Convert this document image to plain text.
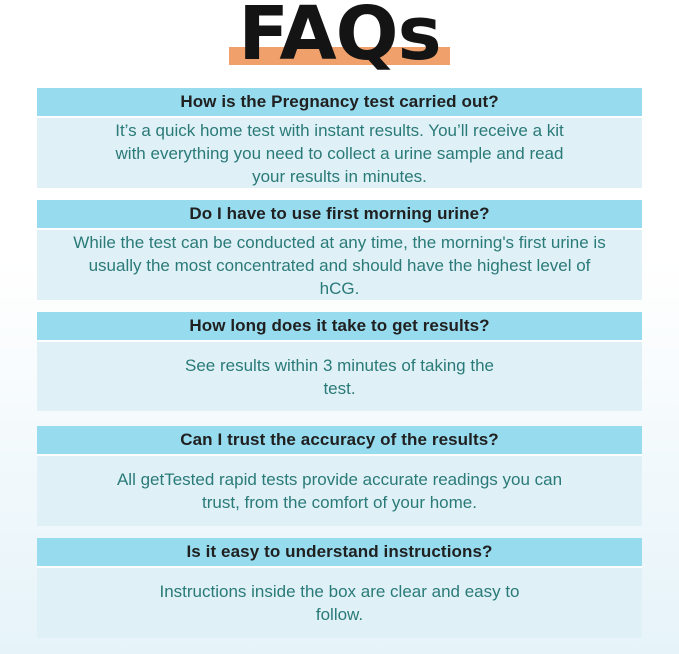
FAQs
How is the Pregnancy test carried out?
It’s a quick home test with instant results. You’ll receive a kit with everything you need to collect a urine sample and read your results in minutes.
Do I have to use first morning urine?
While the test can be conducted at any time, the morning's first urine is usually the most concentrated and should have the highest level of hCG.
How long does it take to get results?
See results within 3 minutes of taking the test.
Can I trust the accuracy of the results?
All getTested rapid tests provide accurate readings you can trust, from the comfort of your home.
Is it easy to understand instructions?
Instructions inside the box are clear and easy to follow.
